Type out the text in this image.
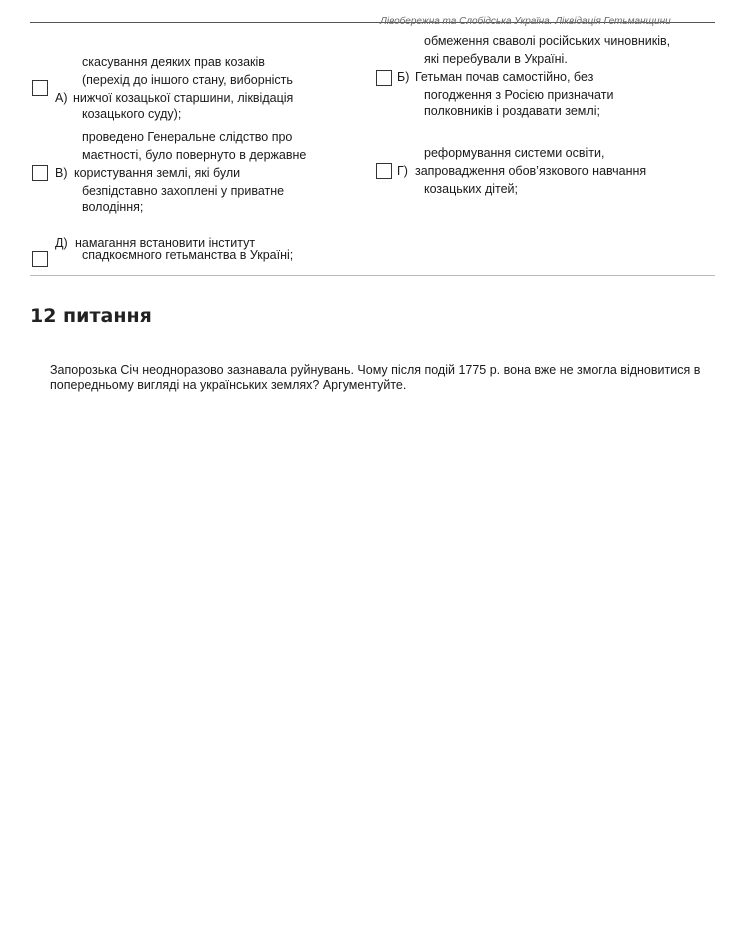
Лівобережна та Слобідська Україна. Ліквідація Гетьманщини
А)
скасування деяких прав козаків
(перехід до іншого стану, виборність
нижчої козацької старшини, ліквідація
козацького суду);
Б)
обмеження сваволі російських чиновників,
які перебували в Україні.
Гетьман почав самостійно, без
погодження з Росією призначати
полковників і роздавати землі;
В)
проведено Генеральне слідство про
маєтності, було повернуто в державне
користування землі, які були
безпідставно захоплені у приватне
володіння;
Г)
реформування системи освіти,
запровадження обов’язкового навчання
козацьких дітей;
Д) намагання встановити інститут
спадкоємного гетьманства в Україні;
12 питання
Запорозька Січ неодноразово зазнавала руйнувань. Чому після подій 1775 р. вона вже не змогла відновитися в попередньому вигляді на українських землях? Аргументуйте.
